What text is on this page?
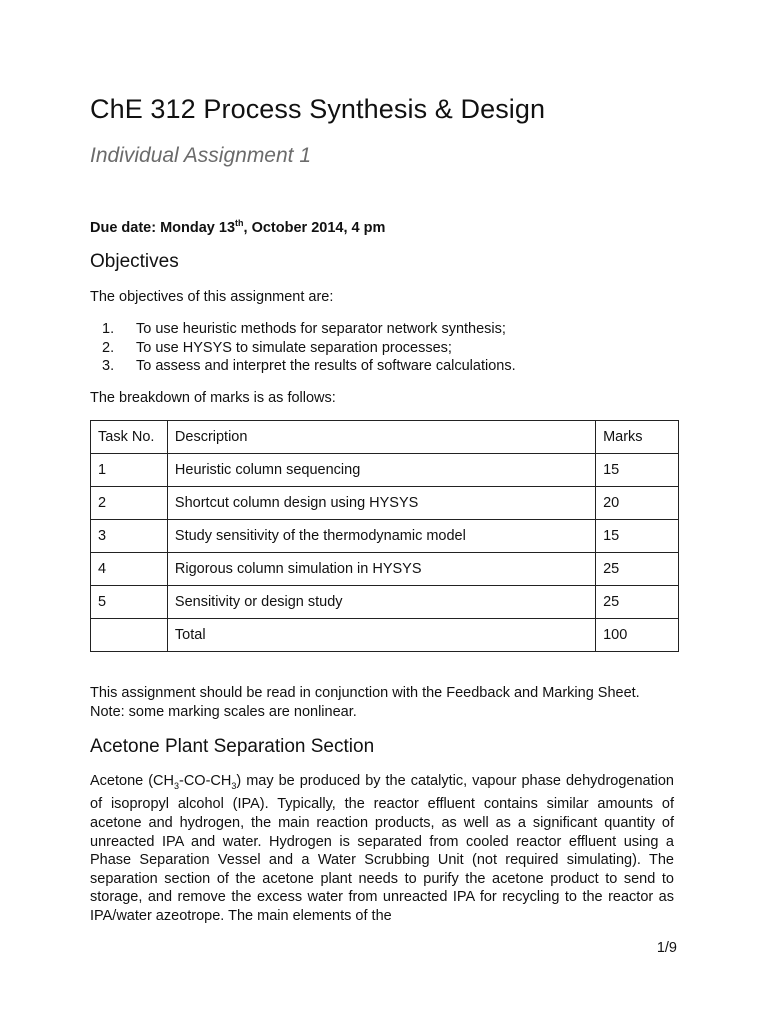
ChE 312 Process Synthesis & Design
Individual Assignment 1
Due date: Monday 13th, October 2014, 4 pm
Objectives
The objectives of this assignment are:
1.	To use heuristic methods for separator network synthesis;
2.	To use HYSYS to simulate separation processes;
3.	To assess and interpret the results of software calculations.
The breakdown of marks is as follows:
Task No.	Description	Marks
1	Heuristic column sequencing	15
2	Shortcut column design using HYSYS	20
3	Study sensitivity of the thermodynamic model	15
4	Rigorous column simulation in HYSYS	25
5	Sensitivity or design study	25
	Total	100
This assignment should be read in conjunction with the Feedback and Marking Sheet.
Note: some marking scales are nonlinear.
Acetone Plant Separation Section
Acetone $(CH_3-CO-CH_3)$ may be produced by the catalytic, vapour phase dehydrogenation of isopropyl alcohol (IPA). Typically, the reactor effluent contains similar amounts of acetone and hydrogen, the main reaction products, as well as a significant quantity of unreacted IPA and water. Hydrogen is separated from cooled reactor effluent using a Phase Separation Vessel and a Water Scrubbing Unit (not required simulating). The separation section of the acetone plant needs to purify the acetone product to send to storage, and remove the excess water from unreacted IPA for recycling to the reactor as IPA/water azeotrope. The main elements of the
1/9
